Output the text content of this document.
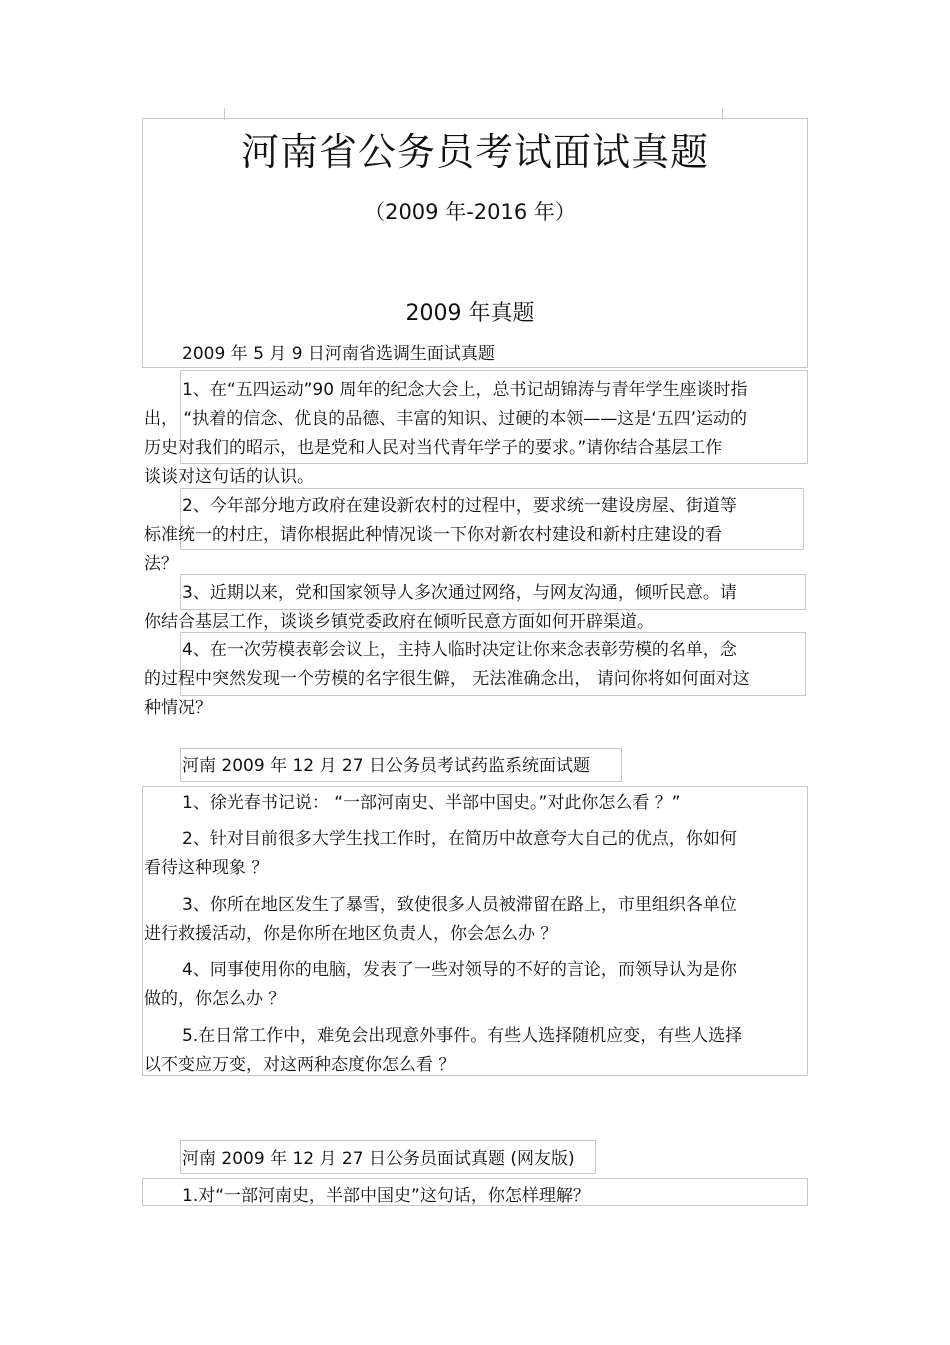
河南省公务员考试面试真题
（2009 年-2016 年）
2009 年真题
2009 年 5 月 9 日河南省选调生面试真题
1、在“五四运动”90 周年的纪念大会上，总书记胡锦涛与青年学生座谈时指
出， “执着的信念、优良的品德、丰富的知识、过硬的本领——这是‘五四’运动的
历史对我们的昭示，也是党和人民对当代青年学子的要求。”请你结合基层工作
谈谈对这句话的认识。
2、今年部分地方政府在建设新农村的过程中，要求统一建设房屋、街道等
标准统一的村庄，请你根据此种情况谈一下你对新农村建设和新村庄建设的看
法？
3、近期以来，党和国家领导人多次通过网络，与网友沟通，倾听民意。请
你结合基层工作，谈谈乡镇党委政府在倾听民意方面如何开辟渠道。
4、在一次劳模表彰会议上，主持人临时决定让你来念表彰劳模的名单，念
的过程中突然发现一个劳模的名字很生僻， 无法准确念出， 请问你将如何面对这
种情况？
河南 2009 年 12 月 27 日公务员考试药监系统面试题
1、徐光春书记说： “一部河南史、半部中国史。”对此你怎么看 ？”
2、针对目前很多大学生找工作时，在简历中故意夸大自己的优点，你如何
看待这种现象 ？
3、你所在地区发生了暴雪，致使很多人员被滞留在路上，市里组织各单位
进行救援活动，你是你所在地区负责人，你会怎么办 ？
4、同事使用你的电脑，发表了一些对领导的不好的言论，而领导认为是你
做的，你怎么办 ？
5.在日常工作中，难免会出现意外事件。有些人选择随机应变，有些人选择
以不变应万变，对这两种态度你怎么看 ？
河南 2009 年 12 月 27 日公务员面试真题 (网友版)
1.对“一部河南史，半部中国史”这句话，你怎样理解？
